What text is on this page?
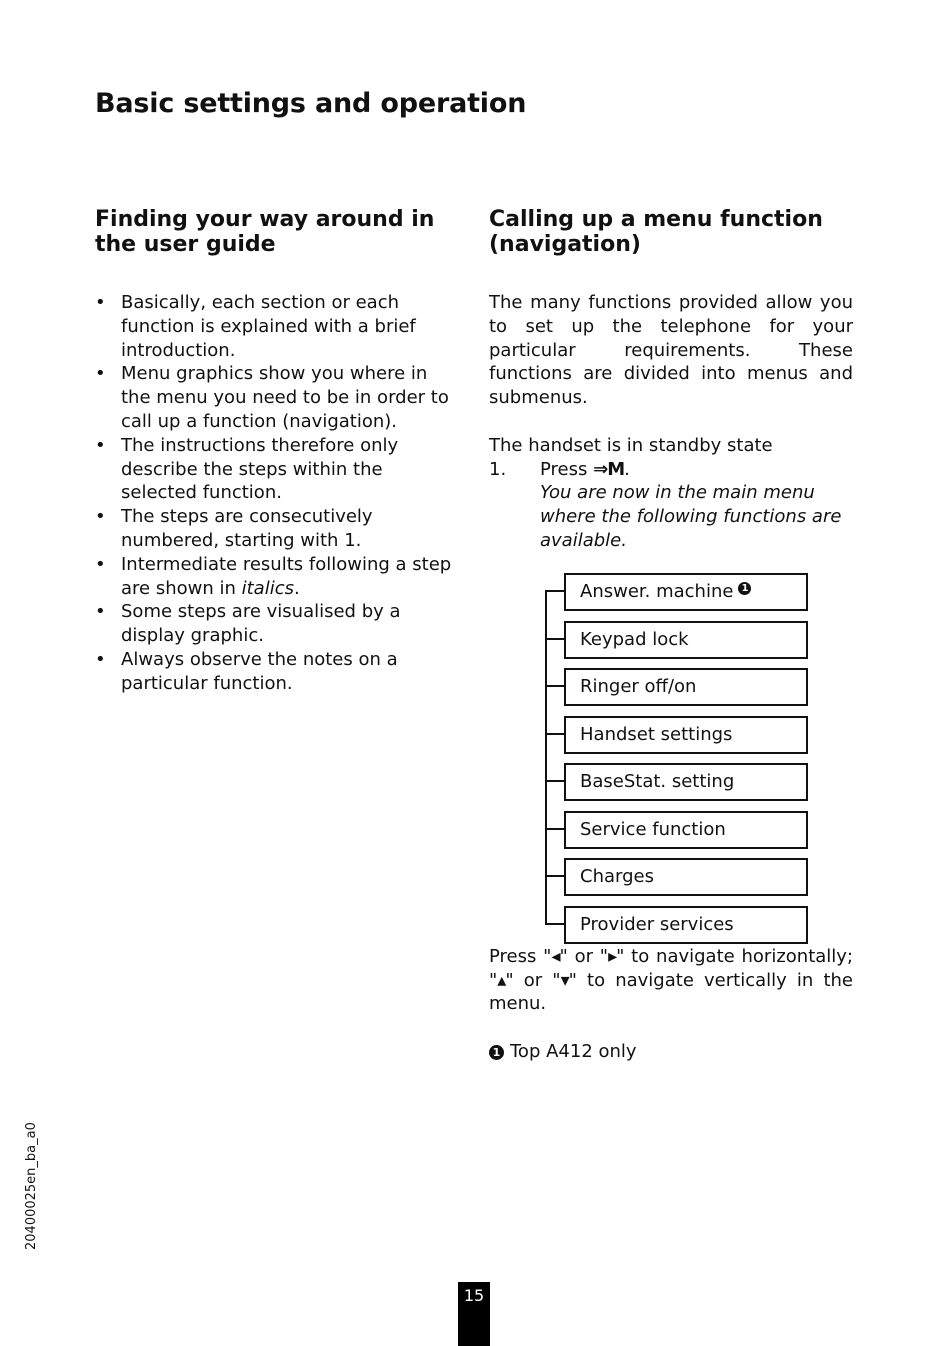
Basic settings and operation
Finding your way around in the user guide
• Basically, each section or each function is explained with a brief introduction.
• Menu graphics show you where in the menu you need to be in order to call up a function (navigation).
• The instructions therefore only describe the steps within the selected function.
• The steps are consecutively numbered, starting with 1.
• Intermediate results following a step are shown in italics.
• Some steps are visualised by a display graphic.
• Always observe the notes on a particular function.
Calling up a menu function (navigation)

The many functions provided allow you to set up the telephone for your particular requirements. These functions are divided into menus and submenus.

The handset is in standby state

1.	Press ⇒M.
You are now in the main menu where the following functions are available.
Answer. machine 1
Keypad lock
Ringer off/on
Handset settings
BaseStat. setting
Service function
Charges
Provider services

Press "◂" or "▸" to navigate horizontally; "▴" or "▾" to navigate vertically in the menu.

1 Top A412 only

20400025en_ba_a0
15
